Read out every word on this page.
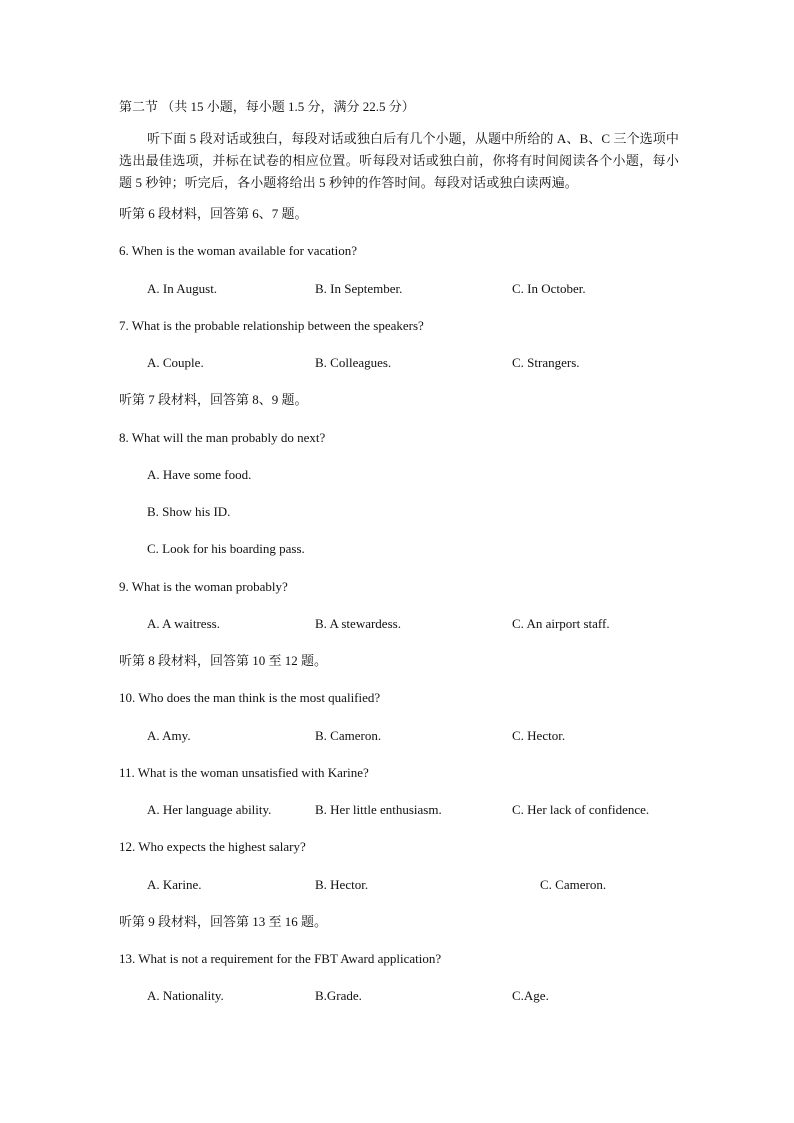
第二节 （共 15 小题，每小题 1.5 分，满分 22.5 分）
听下面 5 段对话或独白，每段对话或独白后有几个小题，从题中所给的 A、B、C 三个选项中选出最佳选项，并标在试卷的相应位置。听每段对话或独白前，你将有时间阅读各个小题，每小题 5 秒钟；听完后，各小题将给出 5 秒钟的作答时间。每段对话或独白读两遍。
听第 6 段材料，回答第 6、7 题。
6. When is the woman available for vacation?
A. In August.	B. In September.	C. In October.
7. What is the probable relationship between the speakers?
A. Couple.	B. Colleagues.	C. Strangers.
听第 7 段材料，回答第 8、9 题。
8. What will the man probably do next?
A. Have some food.
B. Show his ID.
C. Look for his boarding pass.
9. What is the woman probably?
A. A waitress.	B. A stewardess.	C. An airport staff.
听第 8 段材料，回答第 10 至 12 题。
10. Who does the man think is the most qualified?
A. Amy.	B. Cameron.	C. Hector.
11. What is the woman unsatisfied with Karine?
A. Her language ability.	B. Her little enthusiasm.	C. Her lack of confidence.
12. Who expects the highest salary?
A. Karine.	B. Hector.	C. Cameron.
听第 9 段材料，回答第 13 至 16 题。
13. What is not a requirement for the FBT Award application?
A. Nationality.	B.Grade.	C.Age.
